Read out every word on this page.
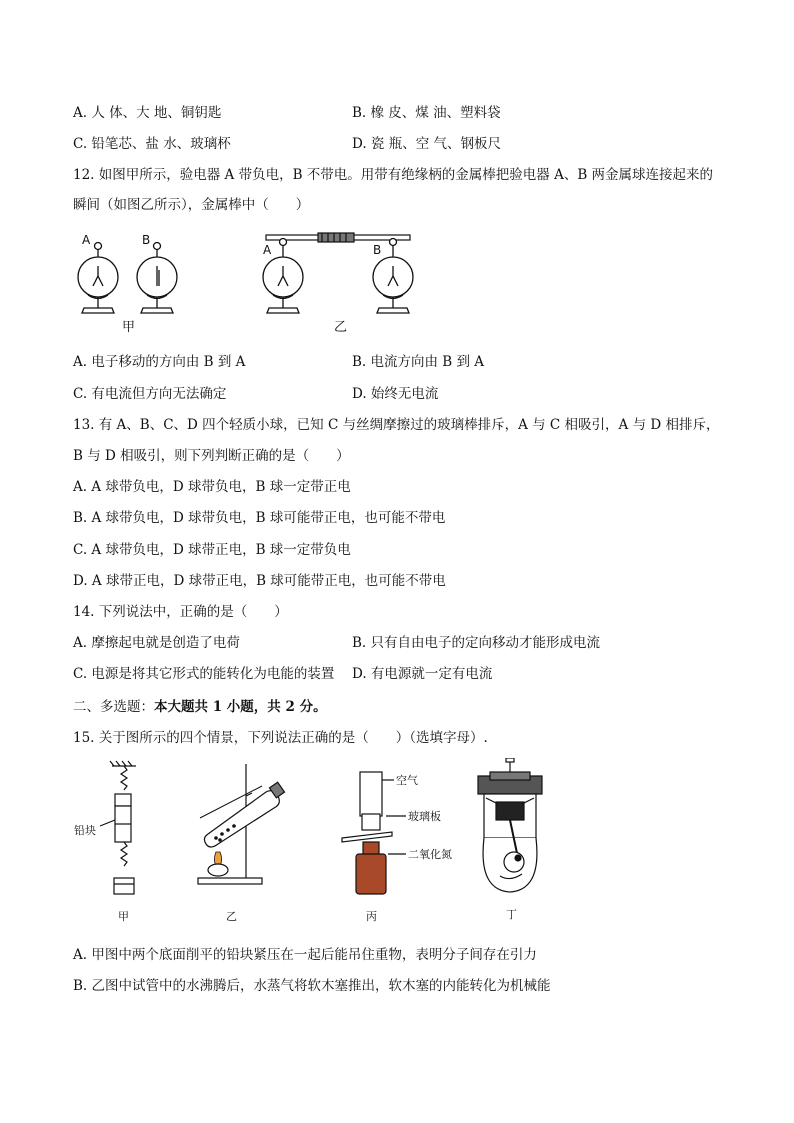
A. 人 体、大 地、铜钥匙	B. 橡 皮、煤 油、塑料袋
C. 铅笔芯、盐 水、玻璃杯	D. 瓷 瓶、空 气、钢板尺
12. 如图甲所示，验电器 A 带负电，B 不带电。用带有绝缘柄的金属棒把验电器 A、B 两金属球连接起来的
瞬间（如图乙所示），金属棒中（　　）
A	B
甲
A	B
乙
A. 电子移动的方向由 B 到 A	B. 电流方向由 B 到 A
C. 有电流但方向无法确定	D. 始终无电流
13. 有 A、B、C、D 四个轻质小球，已知 C 与丝绸摩擦过的玻璃棒排斥，A 与 C 相吸引，A 与 D 相排斥，
B 与 D 相吸引，则下列判断正确的是（　　）
A. A 球带负电，D 球带负电，B 球一定带正电
B. A 球带负电，D 球带负电，B 球可能带正电，也可能不带电
C. A 球带负电，D 球带正电，B 球一定带负电
D. A 球带正电，D 球带正电，B 球可能带正电，也可能不带电
14. 下列说法中，正确的是（　　）
A. 摩擦起电就是创造了电荷	B. 只有自由电子的定向移动才能形成电流
C. 电源是将其它形式的能转化为电能的装置 D. 有电源就一定有电流
二、多选题：本大题共 1 小题，共 2 分。
15. 关于图所示的四个情景，下列说法正确的是（　　）（选填字母）.
铅块
甲	乙
空气
玻璃板
二氧化氮
丙	丁
A. 甲图中两个底面削平的铅块紧压在一起后能吊住重物，表明分子间存在引力
B. 乙图中试管中的水沸腾后，水蒸气将软木塞推出，软木塞的内能转化为机械能
